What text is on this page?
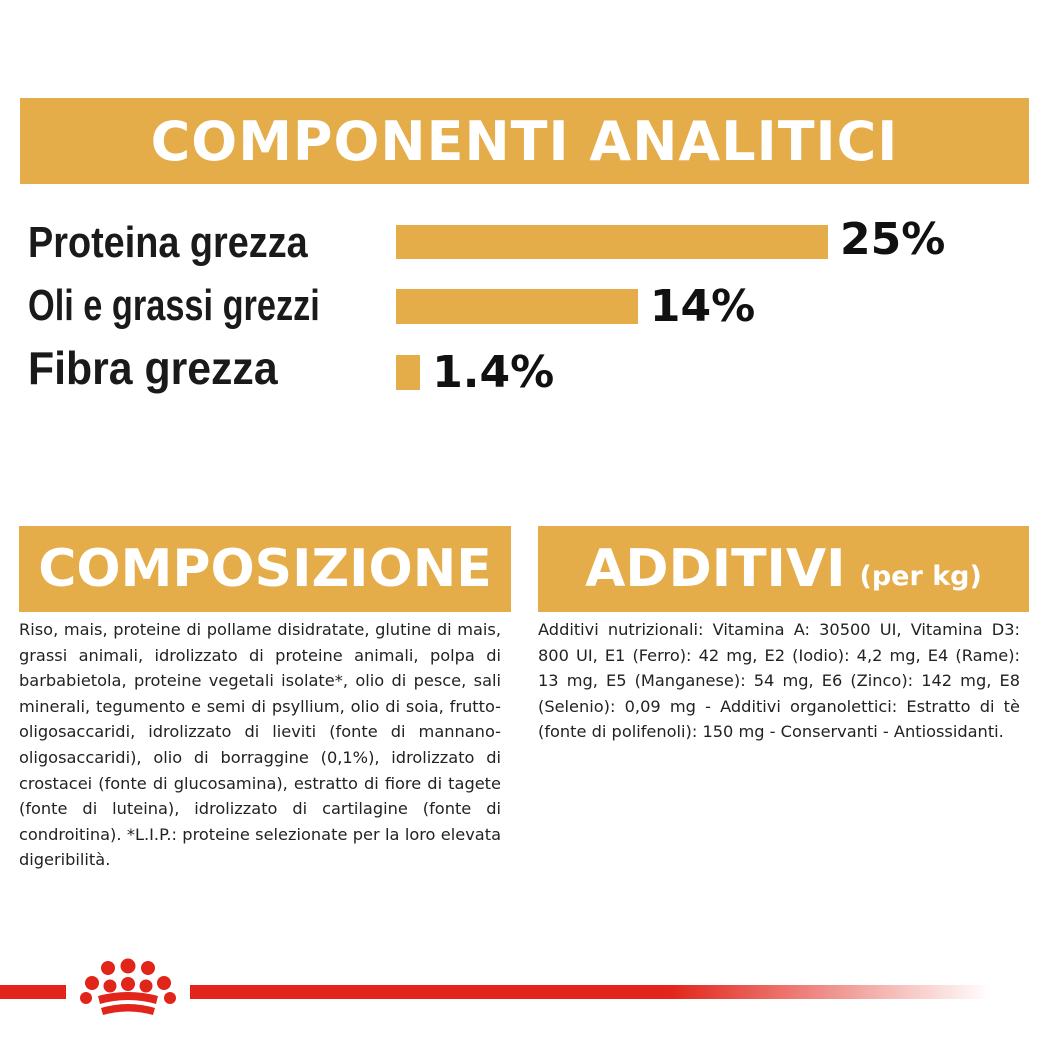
COMPONENTI ANALITICI
Proteina grezza	25%
Oli e grassi grezzi	14%
Fibra grezza	1.4%
COMPOSIZIONE ADDITIVI (per kg)

Riso, mais, proteine di pollame disidratate, glutine di mais, grassi animali, idrolizzato di proteine animali, polpa di barbabietola, proteine vegetali isolate*, olio di pesce, sali minerali, tegumento e semi di psyllium, olio di soia, frutto-oligosaccaridi, idrolizzato di lieviti (fonte di mannano-oligosaccaridi), olio di borraggine (0,1%), idrolizzato di crostacei (fonte di glucosamina), estratto di fiore di tagete (fonte di luteina), idrolizzato di cartilagine (fonte di condroitina). *L.I.P.: proteine selezionate per la loro elevata digeribilità.

Additivi nutrizionali: Vitamina A: 30500 UI, Vitamina D3: 800 UI, E1 (Ferro): 42 mg, E2 (Iodio): 4,2 mg, E4 (Rame): 13 mg, E5 (Manganese): 54 mg, E6 (Zinco): 142 mg, E8 (Selenio): 0,09 mg - Additivi organolettici: Estratto di tè (fonte di polifenoli): 150 mg - Conservanti - Antiossidanti.
